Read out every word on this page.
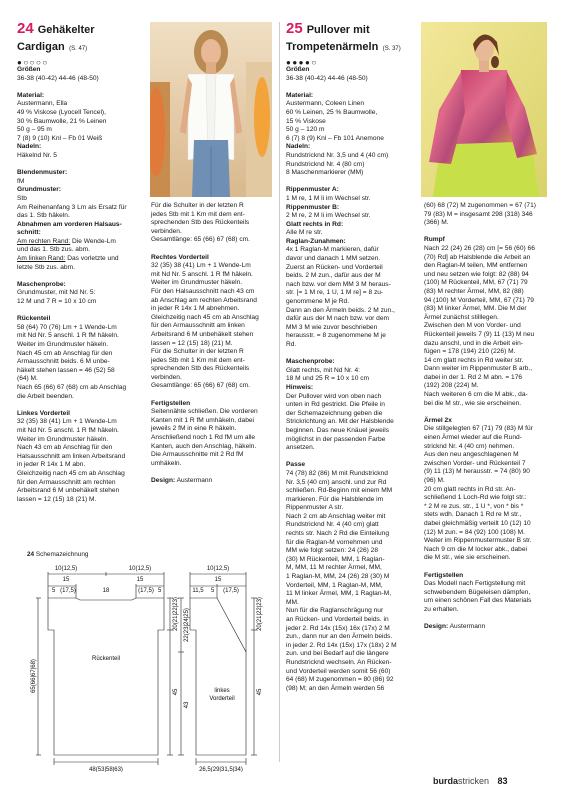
24 Gehäkelter
Cardigan (S. 47)
●○○○○
Größen
36-38 (40-42) 44-46 (48-50)
Material:
Austermann, Ella
49 % Viskose (Lyocell Tencel),
30 % Baumwolle, 21 % Leinen
50 g – 95 m
7 (8) 9 (10) Knl – Fb 01 Weiß
Nadeln:
Häkelnd Nr. 5
Blendenmuster:
fM
Grundmuster:
Stb
Am Reihenanfang 3 Lm als Ersatz für
das 1. Stb häkeln.
Abnahmen am vorderen Halsaus-
schnitt:
Am rechten Rand: Die Wende-Lm
und das 1. Stb zus. abm.
Am linken Rand: Das vorletzte und
letzte Stb zus. abm.
Maschenprobe:
Grundmuster, mit Nd Nr. 5:
12 M und 7 R = 10 x 10 cm
Rückenteil
58 (64) 70 (76) Lm + 1 Wende-Lm
mit Nd Nr. 5 anschl. 1 R fM häkeln.
Weiter im Grundmuster häkeln.
Nach 45 cm ab Anschlag für den
Armausschnitt beids. 6 M unbe-
häkelt stehen lassen = 46 (52) 58
(64) M.
Nach 65 (66) 67 (68) cm ab Anschlag
die Arbeit beenden.
Linkes Vorderteil
32 (35) 38 (41) Lm + 1 Wende-Lm
mit Nd Nr. 5 anschl. 1 R fM häkeln.
Weiter im Grundmuster häkeln.
Nach 43 cm ab Anschlag für den
Halsausschnitt am linken Arbeitsrand
in jeder R 14x 1 M abn.
Gleichzeitig nach 45 cm ab Anschlag
für den Armausschnitt am rechten
Arbeitsrand 6 M unbehäkelt stehen
lassen = 12 (15) 18 (21) M.
Für die Schulter in der letzten R
jedes Stb mit 1 Km mit dem ent-
sprechenden Stb des Rückenteils
verbinden.
Gesamtlänge: 65 (66) 67 (68) cm.
Rechtes Vorderteil
32 (35) 38 (41) Lm + 1 Wende-Lm
mit Nd Nr. 5 anschl. 1 R fM häkeln.
Weiter im Grundmuster häkeln.
Für den Halsausschnitt nach 43 cm
ab Anschlag am rechten Arbeitsrand
in jeder R 14x 1 M abnehmen.
Gleichzeitig nach 45 cm ab Anschlag
für den Armausschnitt am linken
Arbeitsrand 6 M unbehäkelt stehen
lassen = 12 (15) 18) (21) M.
Für die Schulter in der letzten R
jedes Stb mit 1 Km mit dem ent-
sprechenden Stb des Rückenteils
verbinden.
Gesamtlänge: 65 (66) 67 (68) cm.
Fertigstellen
Seitennähte schließen. Die vorderen
Kanten mit 1 R fM umhäkeln, dabei
jeweils 2 fM in eine R häkeln.
Anschließend noch 1 Rd fM um alle
Kanten, auch den Anschlag, häkeln.
Die Armausschnitte mit 2 Rd fM
umhäkeln.
Design: Austermann
24 Schemazeichnung
10(12,5)
15
5 (17,5)	18
10(12,5)
15
(17,5) 5
Rückenteil
48(53|58|63)
65(66|67|68)
20(21|22|23)
45
10(12,5)
15
11,5	(17,5)
5
linkes
Vorderteil
22(23|24|25)
43
20(21|22|23)
45
26,5(29|31,5|34)
25 Pullover mit
Trompetenärmeln (S. 37)
●●●●○
Größen
36-38 (40-42) 44-46 (48-50)
Material:
Austermann, Coleen Linen
60 % Leinen, 25 % Baumwolle,
15 % Viskose
50 g – 120 m
6 (7) 8 (9) Knl – Fb 101 Anemone
Nadeln:
Rundstricknd Nr. 3,5 und 4 (40 cm)
Rundstricknd Nr. 4 (80 cm)
8 Maschenmarkierer (MM)
Rippenmuster A:
1 M re, 1 M li im Wechsel str.
Rippenmuster B:
2 M re, 2 M li im Wechsel str.
Glatt rechts in Rd:
Alle M re str.
Raglan-Zunahmen:
4x 1 Raglan-M markieren, dafür
davor und danach 1 MM setzen.
Zuerst an Rücken- und Vorderteil
beids. 2 M zun., dafür aus der M
nach bzw. vor dem MM 3 M heraus-
str. [= 1 M re, 1 U, 1 M re] = 8 zu-
genommene M je Rd.
Dann an den Ärmeln beids. 2 M zun.,
dafür aus der M nach bzw. vor dem
MM 3 M wie zuvor beschrieben
herausstr. = 8 zugenommene M je
Rd.
Maschenprobe:
Glatt rechts, mit Nd Nr. 4:
18 M und 25 R = 10 x 10 cm
Hinweis:
Der Pullover wird von oben nach
unten in Rd gestrickt. Die Pfeile in
der Schemazeichnung geben die
Strickrichtung an. Mit der Halsblende
beginnen. Das neue Knäuel jeweils
möglichst in der passenden Farbe
ansetzen.
Passe
74 (78) 82 (86) M mit Rundstricknd
Nr. 3,5 (40 cm) anschl. und zur Rd
schließen. Rd-Beginn mit einem MM
markieren. Für die Halsblende im
Rippenmuster A str.
Nach 2 cm ab Anschlag weiter mit
Rundstricknd Nr. 4 (40 cm) glatt
rechts str. Nach 2 Rd die Einteilung
für die Raglan-M vornehmen und
MM wie folgt setzen: 24 (26) 28
(30) M Rückenteil, MM, 1 Raglan-
M, MM, 11 M rechter Ärmel, MM,
1 Raglan-M, MM, 24 (26) 28 (30) M
Vorderteil, MM, 1 Raglan-M, MM,
11 M linker Ärmel, MM, 1 Raglan-M,
MM.
Nun für die Raglanschrägung nur
an Rücken- und Vorderteil beids. in
jeder 2. Rd 14x (15x) 16x (17x) 2 M
zun., dann nur an den Ärmeln beids.
in jeder 2. Rd 14x (15x) 17x (18x) 2 M
zun. und bei Bedarf auf die längere
Rundstricknd wechseln. An Rücken-
und Vorderteil werden somit 56 (60)
64 (68) M zugenommen = 80 (86) 92
(98) M; an den Ärmeln werden 56
(60) 68 (72) M zugenommen = 67 (71)
79 (83) M = insgesamt 298 (318) 346
(366) M.
Rumpf
Nach 22 (24) 26 (28) cm [= 56 (60) 66
(70) Rd] ab Halsblende die Arbeit an
den Raglan-M teilen, MM entfernen
und neu setzen wie folgt: 82 (88) 94
(100) M Rückenteil, MM, 67 (71) 79
(83) M rechter Ärmel, MM, 82 (88)
94 (100) M Vorderteil, MM, 67 (71) 79
(83) M linker Ärmel, MM. Die M der
Ärmel zunächst stilllegen.
Zwischen den M von Vorder- und
Rückenteil jeweils 7 (9) 11 (13) M neu
dazu anschl, und in die Arbeit ein-
fügen = 178 (194) 210 (226) M.
14 cm glatt rechts in Rd weiter str.
Dann weiter im Rippenmuster B arb.,
dabei in der 1. Rd 2 M abn. = 176
(192) 208 (224) M.
Nach weiteren 6 cm die M abk., da-
bei die M str., wie sie erscheinen.
Ärmel 2x
Die stillgelegten 67 (71) 79 (83) M für
einen Ärmel wieder auf die Rund-
stricknd Nr. 4 (40 cm) nehmen.
Aus den neu angeschlagenen M
zwischen Vorder- und Rückenteil 7
(9) 11 (13) M herausstr. = 74 (80) 90
(96) M.
20 cm glatt rechts in Rd str. An-
schließend 1 Loch-Rd wie folgt str.:
* 2 M re zus. str., 1 U *, von * bis *
stets wdh. Danach 1 Rd re M str.,
dabei gleichmäßig verteilt 10 (12) 10
(12) M zun. = 84 (92) 100 (108) M.
Weiter im Rippenmustermuster B str.
Nach 9 cm die M locker abk., dabei
die M str., wie sie erscheinen.
Fertigstellen
Das Modell nach Fertigstellung mit
schwebendem Bügeleisen dämpfen,
um einen schönen Fall des Materials
zu erhalten.
Design: Austermann
burdastricken 83
